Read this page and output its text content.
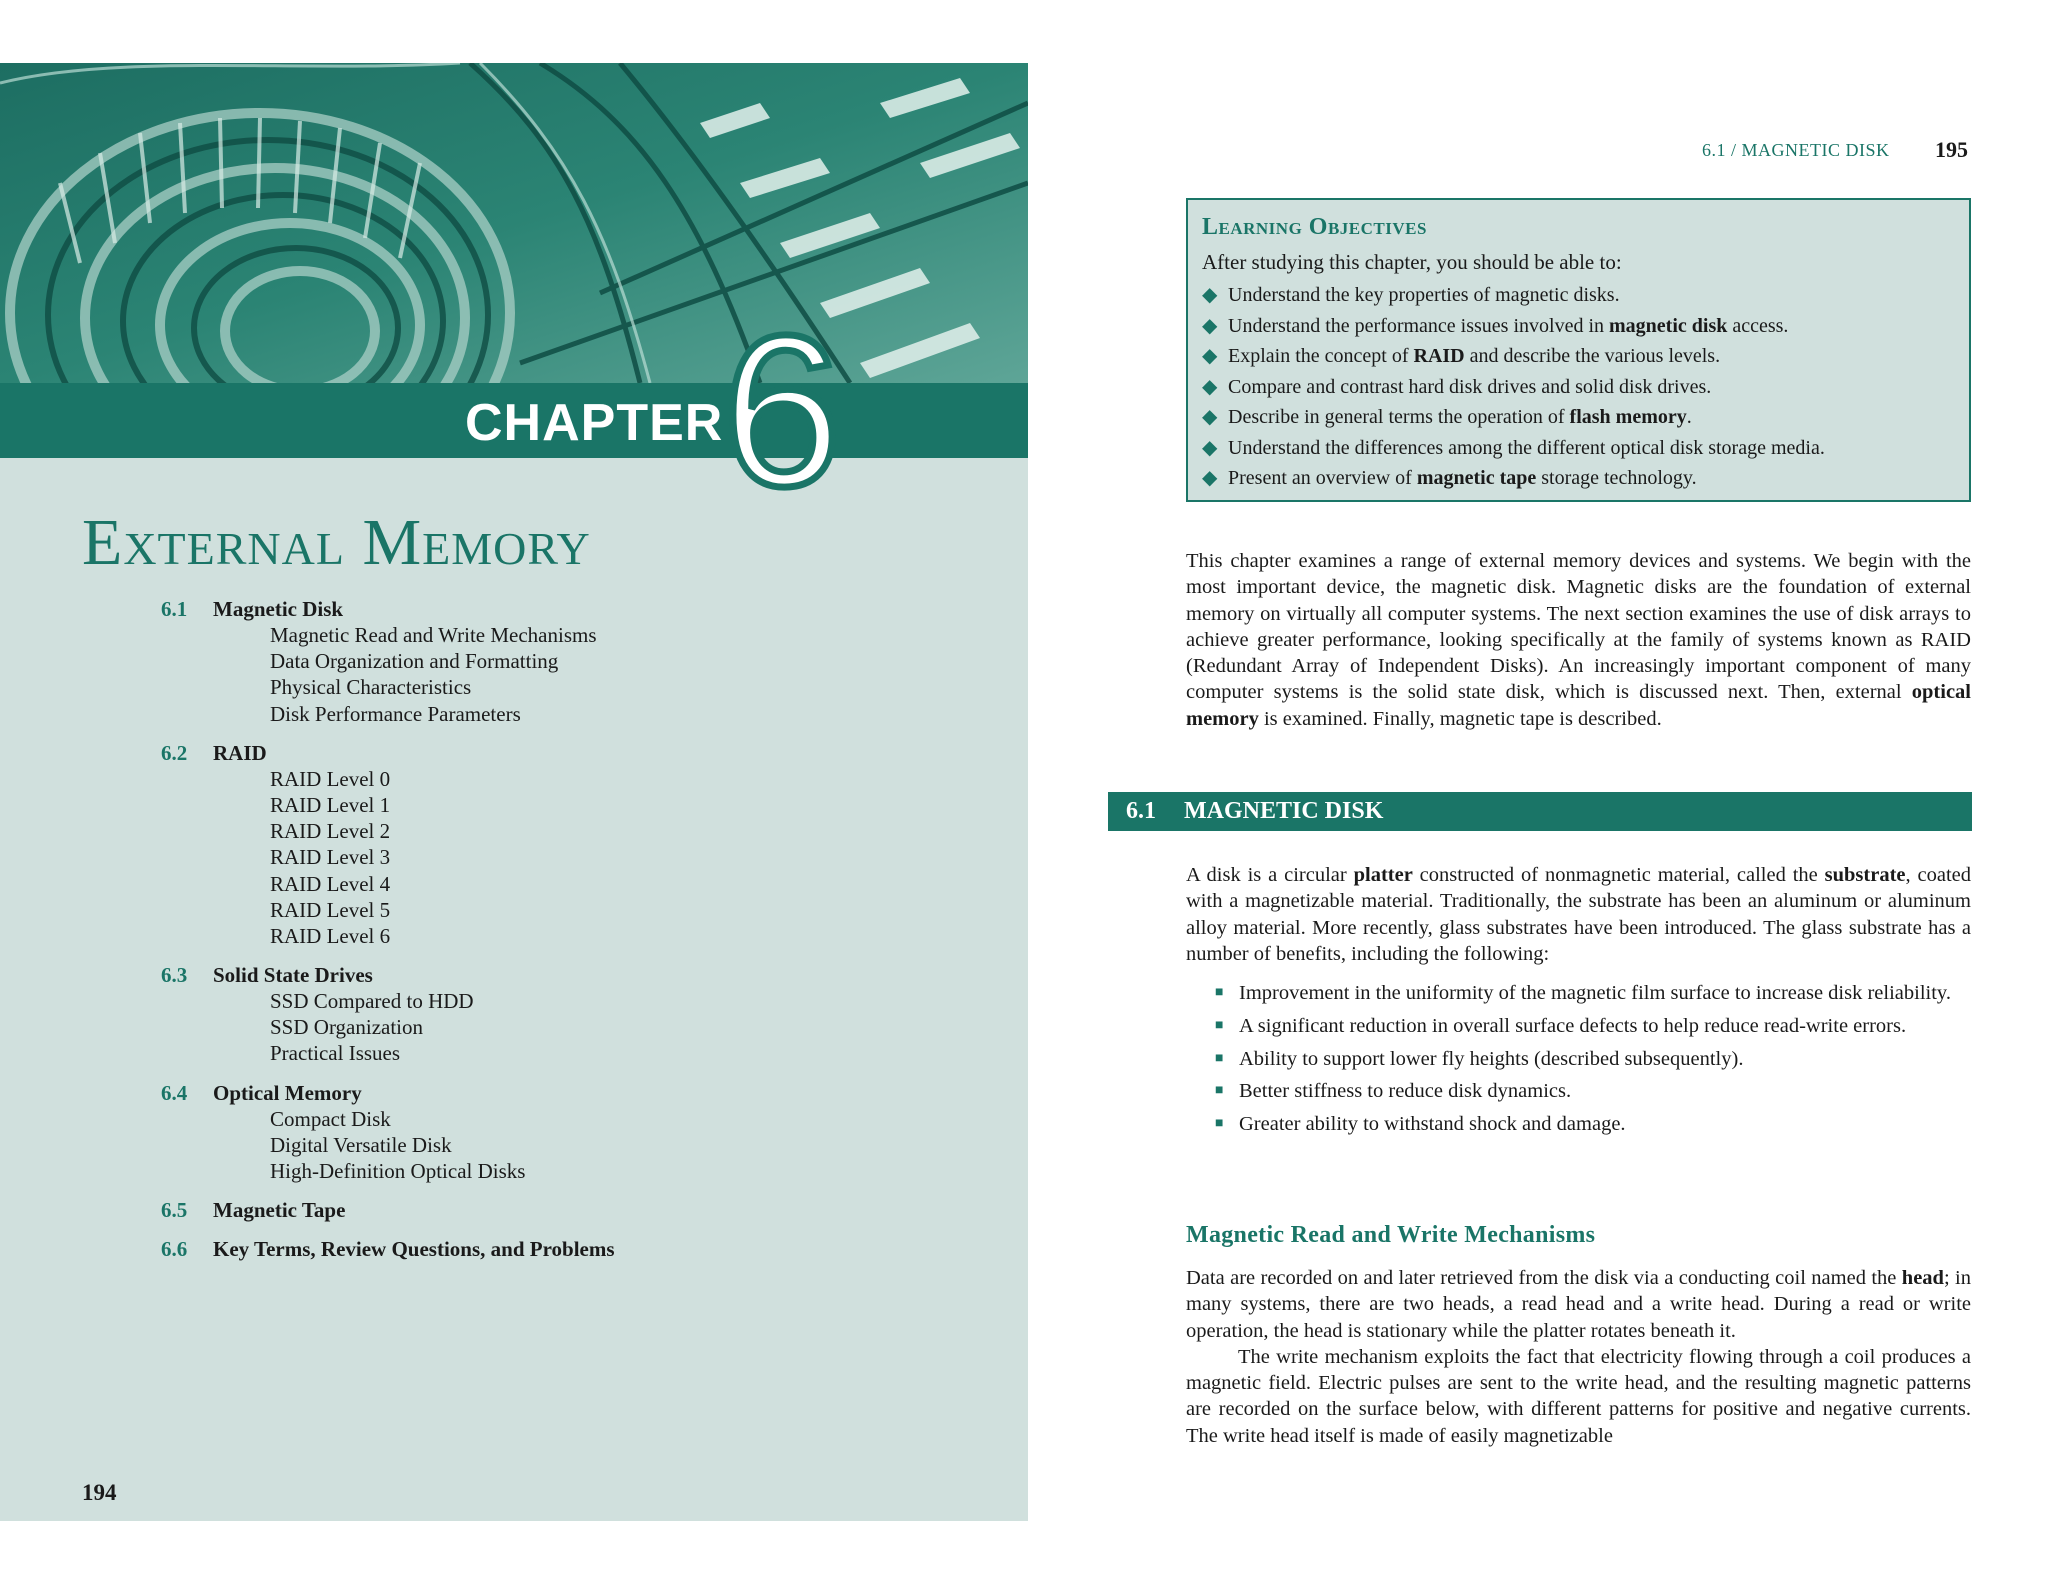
CHAPTER
6
External Memory
6.1	Magnetic Disk
Magnetic Read and Write Mechanisms
Data Organization and Formatting
Physical Characteristics
Disk Performance Parameters
6.2	RAID
RAID Level 0
RAID Level 1
RAID Level 2
RAID Level 3
RAID Level 4
RAID Level 5
RAID Level 6
6.3	Solid State Drives
SSD Compared to HDD
SSD Organization
Practical Issues
6.4	Optical Memory
Compact Disk
Digital Versatile Disk
High-Definition Optical Disks
6.5	Magnetic Tape
6.6	Key Terms, Review Questions, and Problems
194
6.1 / MAGNETIC DISK 195
Learning Objectives
After studying this chapter, you should be able to:
◆ Understand the key properties of magnetic disks.
◆ Understand the performance issues involved in magnetic disk access.
◆ Explain the concept of RAID and describe the various levels.
◆ Compare and contrast hard disk drives and solid disk drives.
◆ Describe in general terms the operation of flash memory.
◆ Understand the differences among the different optical disk storage media.
◆ Present an overview of magnetic tape storage technology.
This chapter examines a range of external memory devices and systems. We begin with the most important device, the magnetic disk. Magnetic disks are the foundation of external memory on virtually all computer systems. The next section examines the use of disk arrays to achieve greater performance, looking specifically at the family of systems known as RAID (Redundant Array of Independent Disks). An increasingly important component of many computer systems is the solid state disk, which is discussed next. Then, external optical memory is examined. Finally, magnetic tape is described.
6.1 MAGNETIC DISK
A disk is a circular platter constructed of nonmagnetic material, called the substrate, coated with a magnetizable material. Traditionally, the substrate has been an aluminum or aluminum alloy material. More recently, glass substrates have been introduced. The glass substrate has a number of benefits, including the following:
■ Improvement in the uniformity of the magnetic film surface to increase disk reliability.
■ A significant reduction in overall surface defects to help reduce read-write errors.
■ Ability to support lower fly heights (described subsequently).
■ Better stiffness to reduce disk dynamics.
■ Greater ability to withstand shock and damage.
Magnetic Read and Write Mechanisms
Data are recorded on and later retrieved from the disk via a conducting coil named the head; in many systems, there are two heads, a read head and a write head. During a read or write operation, the head is stationary while the platter rotates beneath it.
The write mechanism exploits the fact that electricity flowing through a coil produces a magnetic field. Electric pulses are sent to the write head, and the resulting magnetic patterns are recorded on the surface below, with different patterns for positive and negative currents. The write head itself is made of easily magnetizable
